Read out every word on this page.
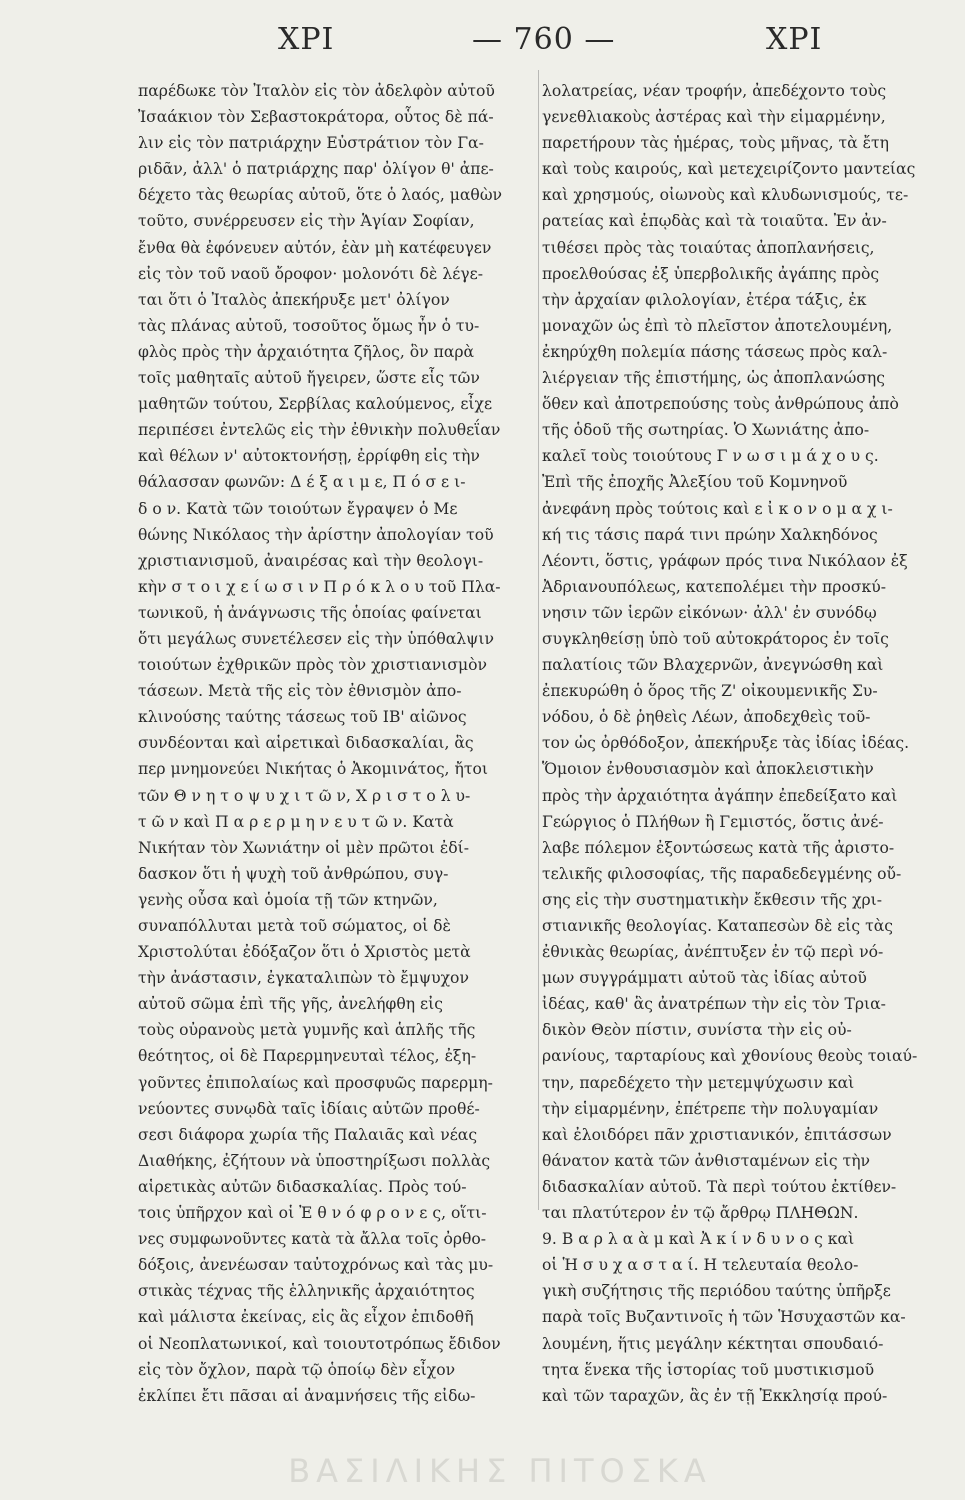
ΧΡΙ	— 760 —	ΧΡΙ
παρέδωκε τὸν Ἰταλὸν εἰς τὸν ἀδελφὸν αὐτοῦ
Ἰσαάκιον τὸν Σεβαστοκράτορα, οὗτος δὲ πά-
λιν εἰς τὸν πατριάρχην Εὐστράτιον τὸν Γα-
ριδᾶν, ἀλλ' ὁ πατριάρχης παρ' ὀλίγον θ' ἀπε-
δέχετο τὰς θεωρίας αὐτοῦ, ὅτε ὁ λαός, μαθὼν
τοῦτο, συνέρρευσεν εἰς τὴν Ἁγίαν Σοφίαν,
ἔνθα θὰ ἐφόνευεν αὐτόν, ἐὰν μὴ κατέφευγεν
εἰς τὸν τοῦ ναοῦ ὄροφον· μολονότι δὲ λέγε-
ται ὅτι ὁ Ἰταλὸς ἀπεκήρυξε μετ' ὀλίγον
τὰς πλάνας αὐτοῦ, τοσοῦτος ὅμως ἦν ὁ τυ-
φλὸς πρὸς τὴν ἀρχαιότητα ζῆλος, ὃν παρὰ
τοῖς μαθηταῖς αὐτοῦ ἤγειρεν, ὥστε εἷς τῶν
μαθητῶν τούτου, Σερβίλας καλούμενος, εἶχε
περιπέσει ἐντελῶς εἰς τὴν ἐθνικὴν πολυθεΐαν
καὶ θέλων ν' αὐτοκτονήσῃ, ἐρρίφθη εἰς τὴν
θάλασσαν φωνῶν: Δ έ ξ α ι μ ε, Π ό σ ε ι-
δ ο ν. Κατὰ τῶν τοιούτων ἔγραψεν ὁ Με
θώνης Νικόλαος τὴν ἀρίστην ἀπολογίαν τοῦ
χριστιανισμοῦ, ἀναιρέσας καὶ τὴν θεολογι-
κὴν σ τ ο ι χ ε ί ω σ ι ν Π ρ ό κ λ ο υ τοῦ Πλα-
τωνικοῦ, ἡ ἀνάγνωσις τῆς ὁποίας φαίνεται
ὅτι μεγάλως συνετέλεσεν εἰς τὴν ὑπόθαλψιν
τοιούτων ἐχθρικῶν πρὸς τὸν χριστιανισμὸν
τάσεων. Μετὰ τῆς εἰς τὸν ἐθνισμὸν ἀπο-
κλινούσης ταύτης τάσεως τοῦ ΙΒ' αἰῶνος
συνδέονται καὶ αἱρετικαὶ διδασκαλίαι, ἃς
περ μνημονεύει Νικήτας ὁ Ἀκομινάτος, ἤτοι
τῶν Θ ν η τ ο ψ υ χ ι τ ῶ ν, Χ ρ ι σ τ ο λ υ-
τ ῶ ν καὶ Π α ρ ε ρ μ η ν ε υ τ ῶ ν. Κατὰ
Νικήταν τὸν Χωνιάτην οἱ μὲν πρῶτοι ἐδί-
δασκον ὅτι ἡ ψυχὴ τοῦ ἀνθρώπου, συγ-
γενὴς οὖσα καὶ ὁμοία τῇ τῶν κτηνῶν,
συναπόλλυται μετὰ τοῦ σώματος, οἱ δὲ
Χριστολύται ἐδόξαζον ὅτι ὁ Χριστὸς μετὰ
τὴν ἀνάστασιν, ἐγκαταλιπὼν τὸ ἔμψυχον
αὐτοῦ σῶμα ἐπὶ τῆς γῆς, ἀνελήφθη εἰς
τοὺς οὐρανοὺς μετὰ γυμνῆς καὶ ἁπλῆς τῆς
θεότητος, οἱ δὲ Παρερμηνευταὶ τέλος, ἐξη-
γοῦντες ἐπιπολαίως καὶ προσφυῶς παρερμη-
νεύοντες συνῳδὰ ταῖς ἰδίαις αὐτῶν προθέ-
σεσι διάφορα χωρία τῆς Παλαιᾶς καὶ νέας
Διαθήκης, ἐζήτουν νὰ ὑποστηρίξωσι πολλὰς
αἱρετικὰς αὐτῶν διδασκαλίας. Πρὸς τού-
τοις ὑπῆρχον καὶ οἱ Ἐ θ ν ό φ ρ ο ν ε ς, οἵτι-
νες συμφωνοῦντες κατὰ τὰ ἄλλα τοῖς ὀρθο-
δόξοις, ἀνενέωσαν ταὐτοχρόνως καὶ τὰς μυ-
στικὰς τέχνας τῆς ἑλληνικῆς ἀρχαιότητος
καὶ μάλιστα ἐκείνας, εἰς ἃς εἶχον ἐπιδοθῆ
οἱ Νεοπλατωνικοί, καὶ τοιουτοτρόπως ἔδιδον
εἰς τὸν ὄχλον, παρὰ τῷ ὁποίῳ δὲν εἶχον
ἐκλίπει ἔτι πᾶσαι αἱ ἀναμνήσεις τῆς εἰδω-
λολατρείας, νέαν τροφήν, ἀπεδέχοντο τοὺς
γενεθλιακοὺς ἀστέρας καὶ τὴν εἱμαρμένην,
παρετήρουν τὰς ἡμέρας, τοὺς μῆνας, τὰ ἔτη
καὶ τοὺς καιρούς, καὶ μετεχειρίζοντο μαντείας
καὶ χρησμούς, οἰωνοὺς καὶ κλυδωνισμούς, τε-
ρατείας καὶ ἐπῳδὰς καὶ τὰ τοιαῦτα. Ἐν ἀν-
τιθέσει πρὸς τὰς τοιαύτας ἀποπλανήσεις,
προελθούσας ἐξ ὑπερβολικῆς ἀγάπης πρὸς
τὴν ἀρχαίαν φιλολογίαν, ἑτέρα τάξις, ἐκ
μοναχῶν ὡς ἐπὶ τὸ πλεῖστον ἀποτελουμένη,
ἐκηρύχθη πολεμία πάσης τάσεως πρὸς καλ-
λιέργειαν τῆς ἐπιστήμης, ὡς ἀποπλανώσης
ὅθεν καὶ ἀποτρεπούσης τοὺς ἀνθρώπους ἀπὸ
τῆς ὁδοῦ τῆς σωτηρίας. Ὁ Χωνιάτης ἀπο-
καλεῖ τοὺς τοιούτους Γ ν ω σ ι μ ά χ ο υ ς.
Ἐπὶ τῆς ἐποχῆς Ἀλεξίου τοῦ Κομνηνοῦ
ἀνεφάνη πρὸς τούτοις καὶ ε ἰ κ ο ν ο μ α χ ι-
κή τις τάσις παρά τινι πρώην Χαλκηδόνος
Λέοντι, ὅστις, γράφων πρός τινα Νικόλαον ἐξ
Ἀδριανουπόλεως, κατεπολέμει τὴν προσκύ-
νησιν τῶν ἱερῶν εἰκόνων· ἀλλ' ἐν συνόδῳ
συγκληθείσῃ ὑπὸ τοῦ αὐτοκράτορος ἐν τοῖς
παλατίοις τῶν Βλαχερνῶν, ἀνεγνώσθη καὶ
ἐπεκυρώθη ὁ ὅρος τῆς Ζ' οἰκουμενικῆς Συ-
νόδου, ὁ δὲ ῥηθεὶς Λέων, ἀποδεχθεὶς τοῦ-
τον ὡς ὀρθόδοξον, ἀπεκήρυξε τὰς ἰδίας ἰδέας.
Ὅμοιον ἐνθουσιασμὸν καὶ ἀποκλειστικὴν
πρὸς τὴν ἀρχαιότητα ἀγάπην ἐπεδείξατο καὶ
Γεώργιος ὁ Πλήθων ἢ Γεμιστός, ὅστις ἀνέ-
λαβε πόλεμον ἐξοντώσεως κατὰ τῆς ἀριστο-
τελικῆς φιλοσοφίας, τῆς παραδεδεγμένης οὔ-
σης εἰς τὴν συστηματικὴν ἔκθεσιν τῆς χρι-
στιανικῆς θεολογίας. Καταπεσὼν δὲ εἰς τὰς
ἐθνικὰς θεωρίας, ἀνέπτυξεν ἐν τῷ περὶ νό-
μων συγγράμματι αὐτοῦ τὰς ἰδίας αὐτοῦ
ἰδέας, καθ' ἃς ἀνατρέπων τὴν εἰς τὸν Τρια-
δικὸν Θεὸν πίστιν, συνίστα τὴν εἰς οὐ-
ρανίους, ταρταρίους καὶ χθονίους θεοὺς τοιαύ-
την, παρεδέχετο τὴν μετεμψύχωσιν καὶ
τὴν εἱμαρμένην, ἐπέτρεπε τὴν πολυγαμίαν
καὶ ἐλοιδόρει πᾶν χριστιανικόν, ἐπιτάσσων
θάνατον κατὰ τῶν ἀνθισταμένων εἰς τὴν
διδασκαλίαν αὐτοῦ. Τὰ περὶ τούτου ἐκτίθεν-
ται πλατύτερον ἐν τῷ ἄρθρῳ ΠΛΗΘΩΝ.
9. Β α ρ λ α ὰ μ καὶ Ἀ κ ί ν δ υ ν ο ς καὶ
οἱ Ἡ σ υ χ α σ τ α ί. Η τελευταία θεολο-
γικὴ συζήτησις τῆς περιόδου ταύτης ὑπῆρξε
παρὰ τοῖς Βυζαντινοῖς ἡ τῶν Ἡσυχαστῶν κα-
λουμένη, ἥτις μεγάλην κέκτηται σπουδαιό-
τητα ἕνεκα τῆς ἱστορίας τοῦ μυστικισμοῦ
καὶ τῶν ταραχῶν, ἃς ἐν τῇ Ἐκκλησίᾳ πρού-
ΒΑΣΙΛΙΚΗΣ ΠΙΤΟΣΚΑ
